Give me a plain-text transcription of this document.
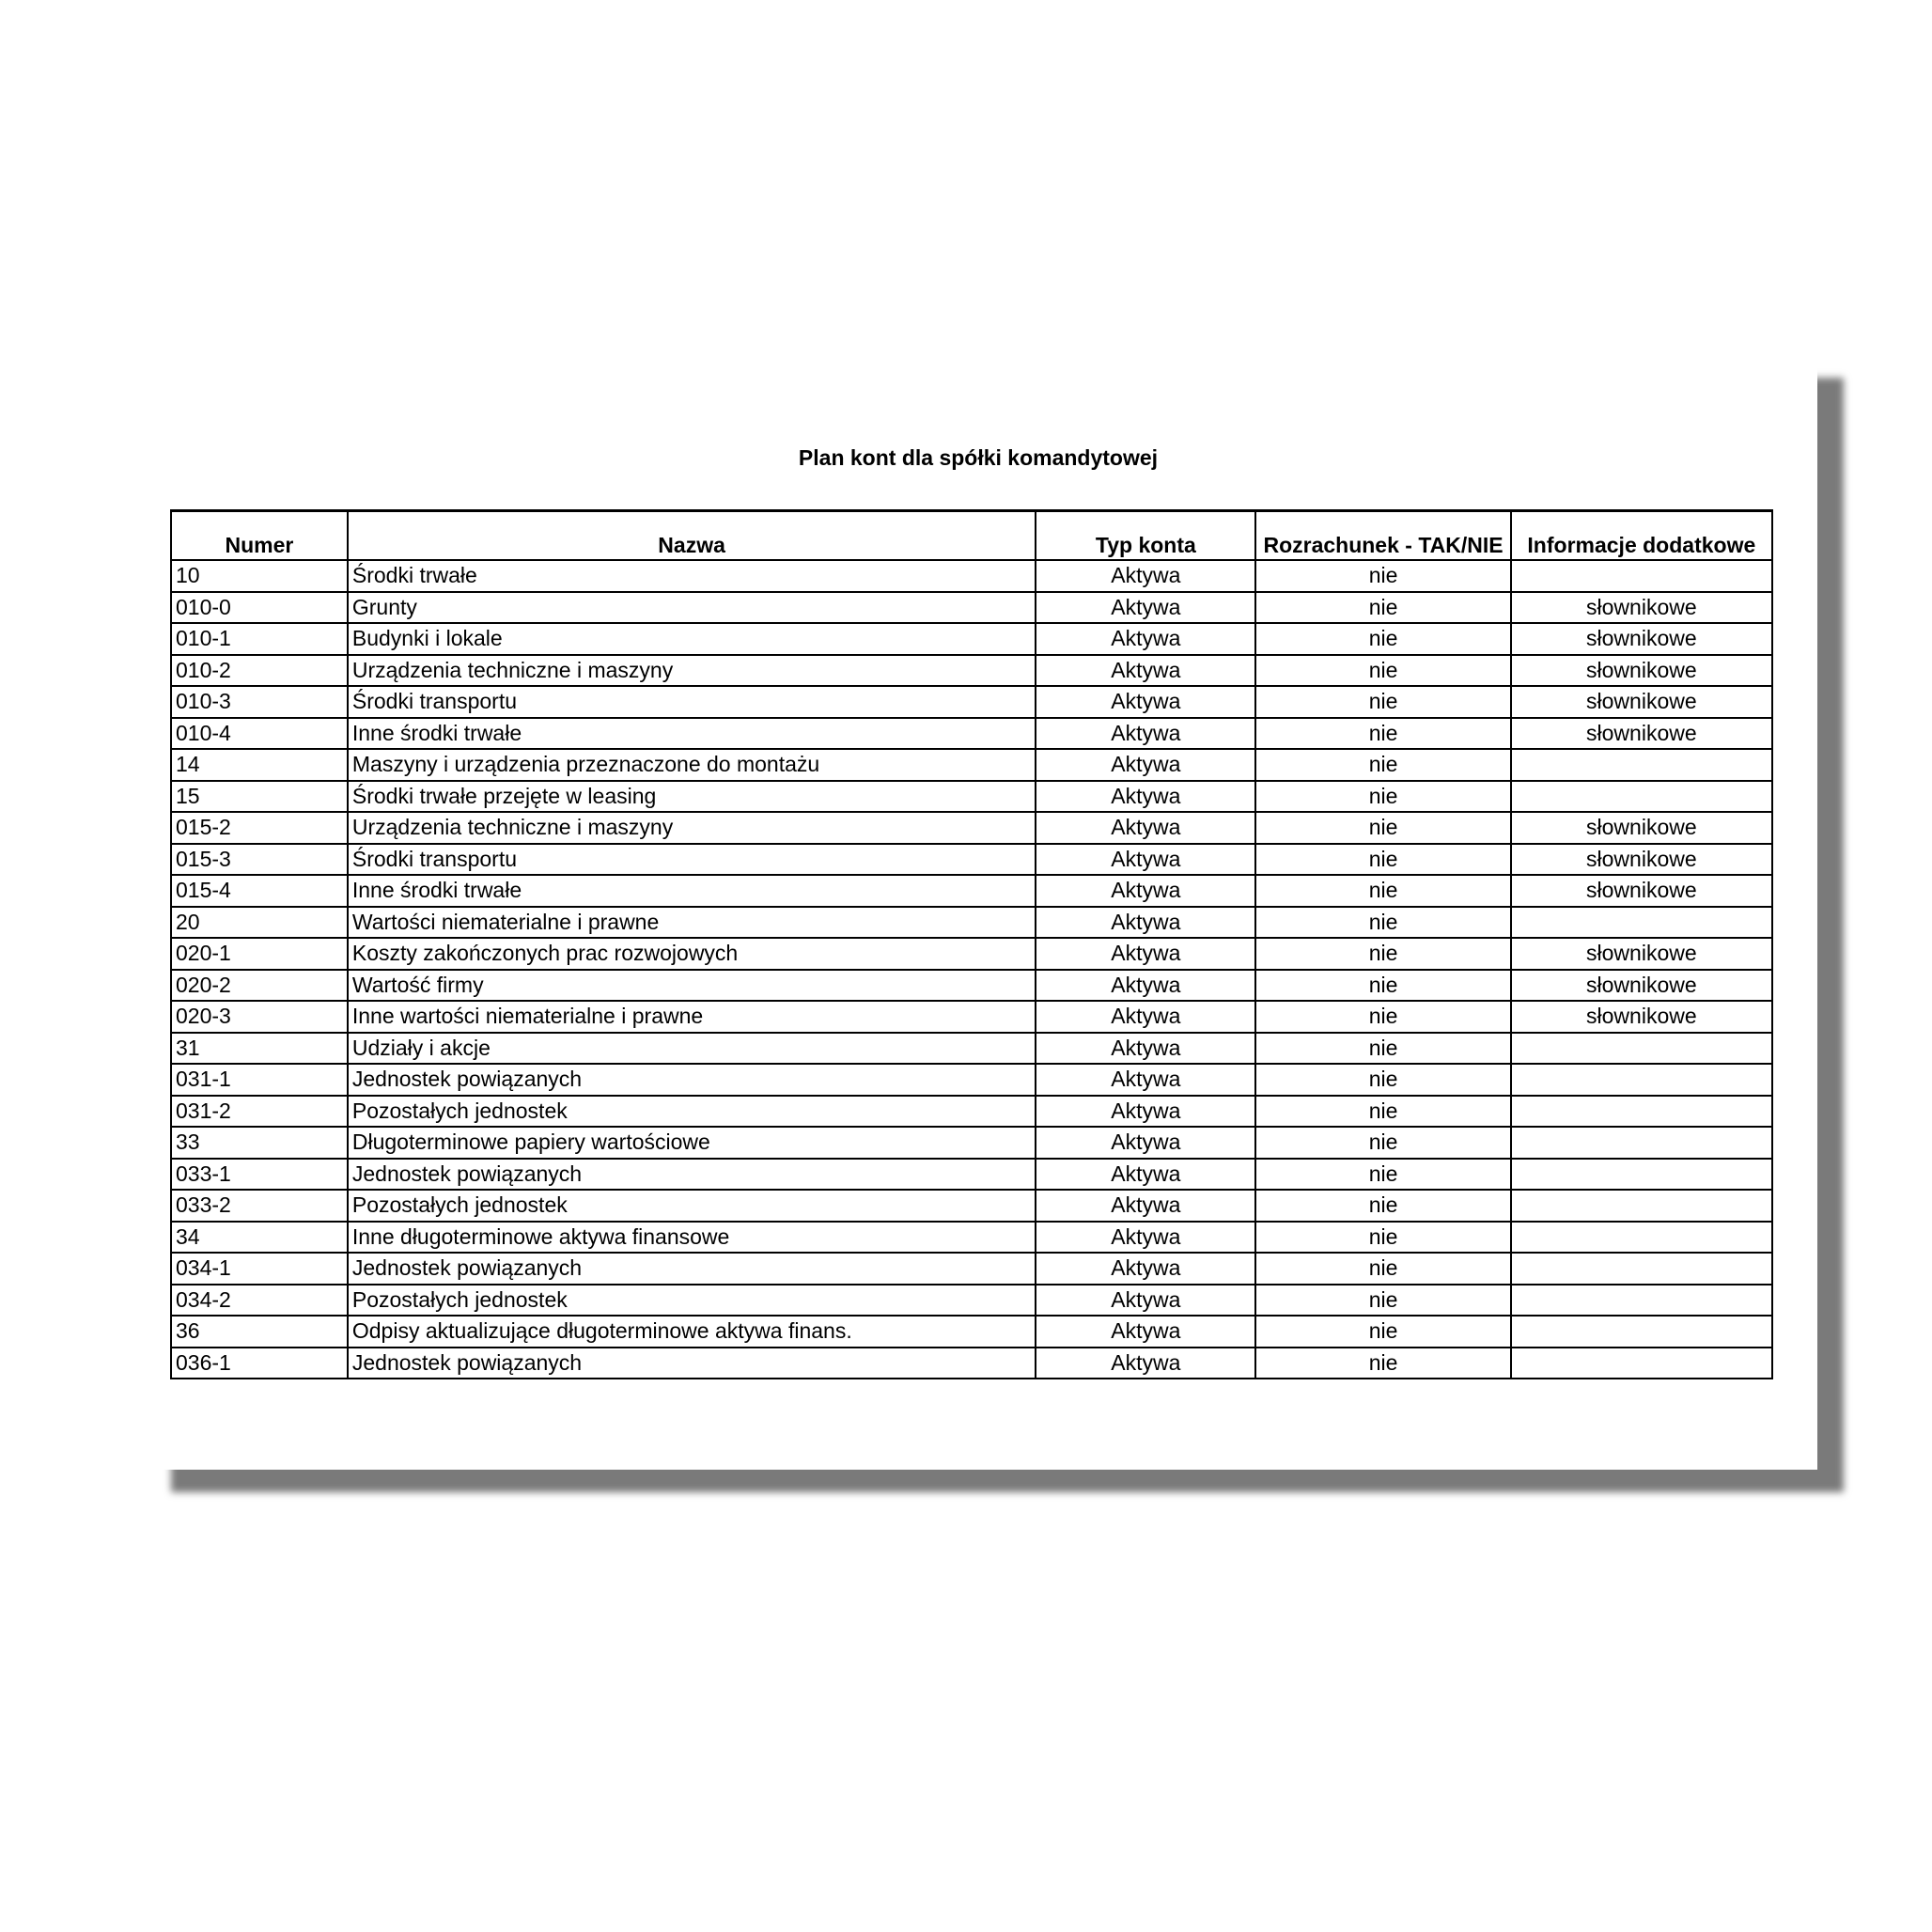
Plan kont dla spółki komandytowej
Numer	Nazwa	Typ konta	Rozrachunek - TAK/NIE	Informacje dodatkowe
10	Środki trwałe	Aktywa	nie	
010-0	Grunty	Aktywa	nie	słownikowe
010-1	Budynki i lokale	Aktywa	nie	słownikowe
010-2	Urządzenia techniczne i maszyny	Aktywa	nie	słownikowe
010-3	Środki transportu	Aktywa	nie	słownikowe
010-4	Inne środki trwałe	Aktywa	nie	słownikowe
14	Maszyny i urządzenia przeznaczone do montażu	Aktywa	nie	
15	Środki trwałe przejęte w leasing	Aktywa	nie	
015-2	Urządzenia techniczne i maszyny	Aktywa	nie	słownikowe
015-3	Środki transportu	Aktywa	nie	słownikowe
015-4	Inne środki trwałe	Aktywa	nie	słownikowe
20	Wartości niematerialne i prawne	Aktywa	nie	
020-1	Koszty zakończonych prac rozwojowych	Aktywa	nie	słownikowe
020-2	Wartość firmy	Aktywa	nie	słownikowe
020-3	Inne wartości niematerialne i prawne	Aktywa	nie	słownikowe
31	Udziały i akcje	Aktywa	nie	
031-1	Jednostek powiązanych	Aktywa	nie	
031-2	Pozostałych jednostek	Aktywa	nie	
33	Długoterminowe papiery wartościowe	Aktywa	nie	
033-1	Jednostek powiązanych	Aktywa	nie	
033-2	Pozostałych jednostek	Aktywa	nie	
34	Inne długoterminowe aktywa finansowe	Aktywa	nie	
034-1	Jednostek powiązanych	Aktywa	nie	
034-2	Pozostałych jednostek	Aktywa	nie	
36	Odpisy aktualizujące długoterminowe aktywa finans.	Aktywa	nie	
036-1	Jednostek powiązanych	Aktywa	nie	
